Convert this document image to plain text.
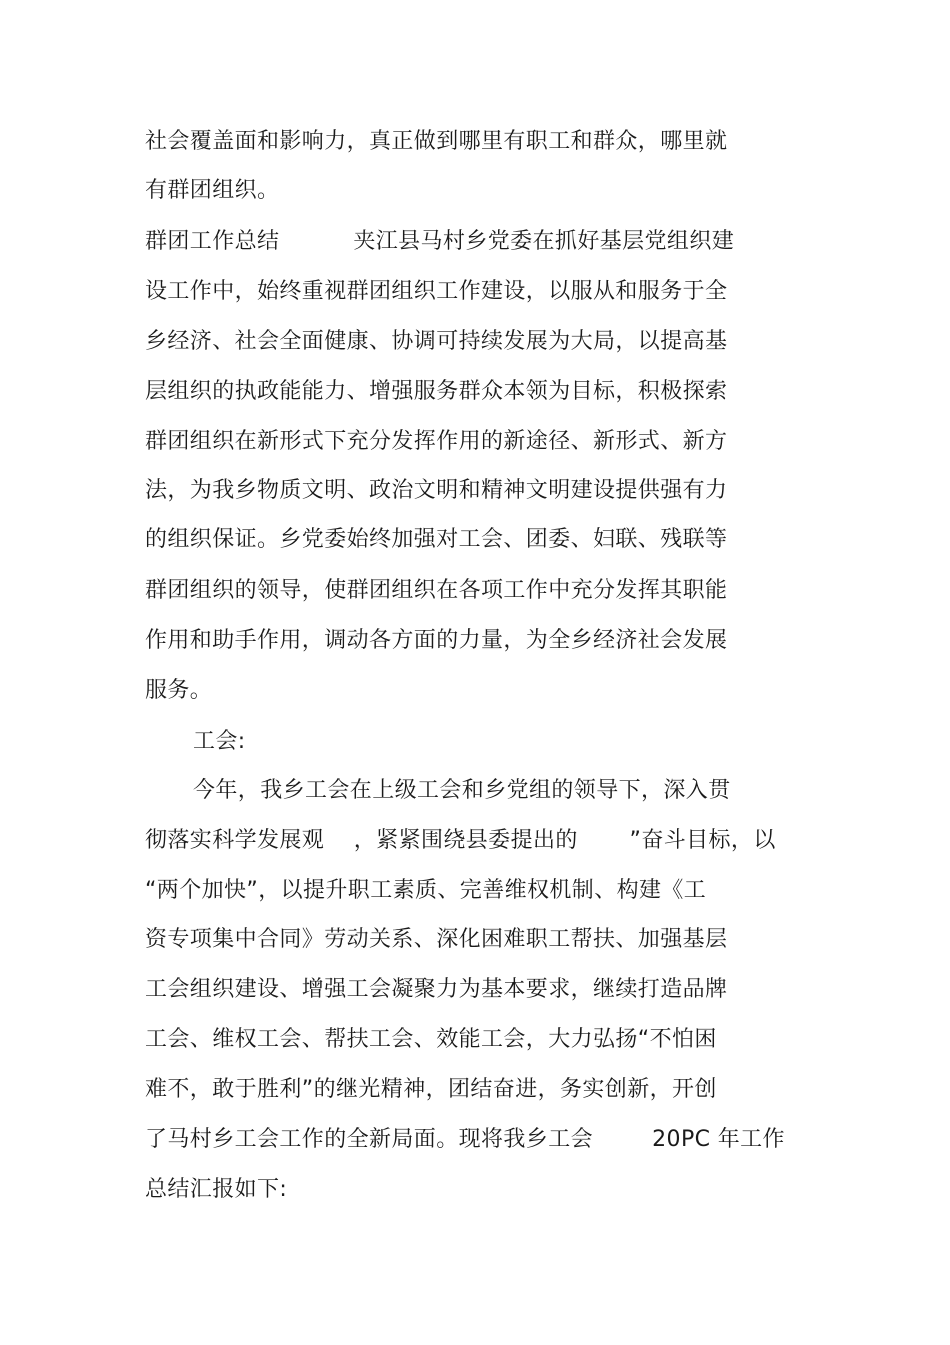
社会覆盖面和影响力，真正做到哪里有职工和群众，哪里就
有群团组织。
群团工作总结          夹江县马村乡党委在抓好基层党组织建
设工作中，始终重视群团组织工作建设，以服从和服务于全
乡经济、社会全面健康、协调可持续发展为大局，以提高基
层组织的执政能能力、增强服务群众本领为目标，积极探索
群团组织在新形式下充分发挥作用的新途径、新形式、新方
法，为我乡物质文明、政治文明和精神文明建设提供强有力
的组织保证。乡党委始终加强对工会、团委、妇联、残联等
群团组织的领导，使群团组织在各项工作中充分发挥其职能
作用和助手作用，调动各方面的力量，为全乡经济社会发展
服务。
工会:
今年，我乡工会在上级工会和乡党组的领导下，深入贯
彻落实科学发展观    ，紧紧围绕县委提出的       ”奋斗目标，以
“两个加快”，以提升职工素质、完善维权机制、构建《工
资专项集中合同》劳动关系、深化困难职工帮扶、加强基层
工会组织建设、增强工会凝聚力为基本要求，继续打造品牌
工会、维权工会、帮扶工会、效能工会，大力弘扬“不怕困
难不，敢于胜利”的继光精神，团结奋进，务实创新，开创
了马村乡工会工作的全新局面。现将我乡工会        20PC 年工作
总结汇报如下:
